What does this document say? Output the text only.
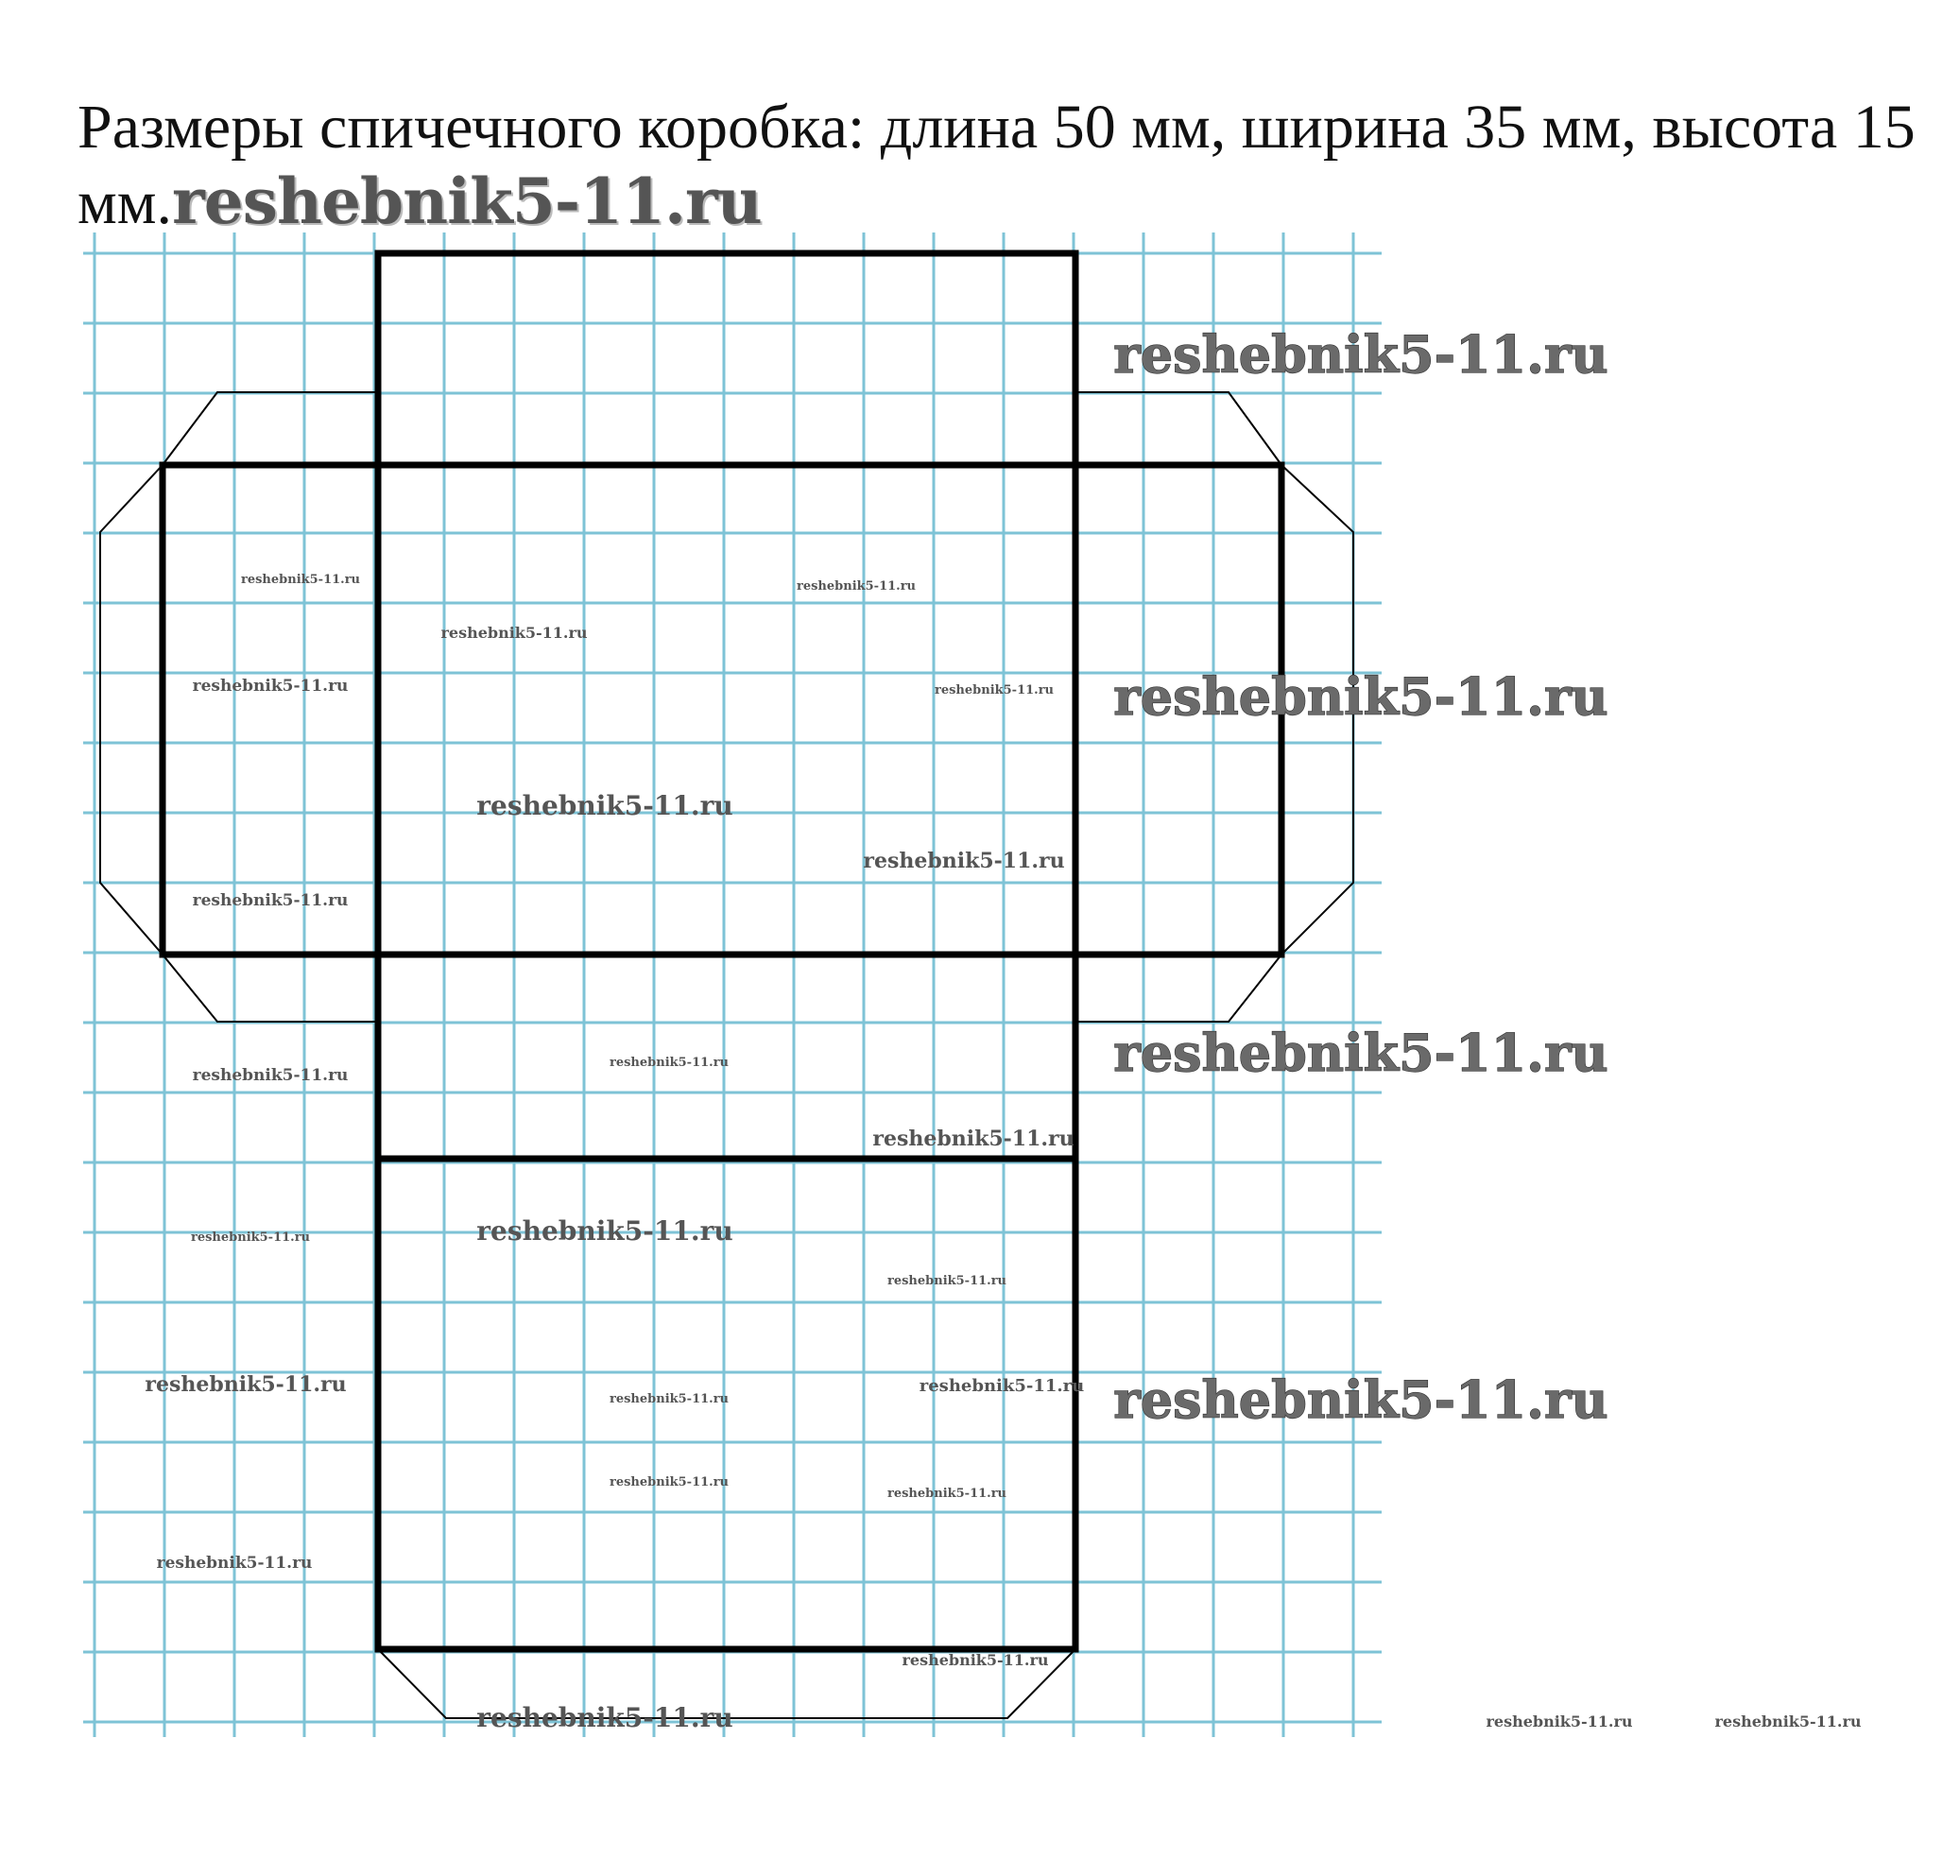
Размеры спичечного коробка: длина 50 мм, ширина 35 мм, высота 15 мм.reshebnik5-11.ru
reshebnik5-11.ru
reshebnik5-11.ru
reshebnik5-11.ru
reshebnik5-11.ru
reshebnik5-11.ru
reshebnik5-11.ru
reshebnik5-11.ru
reshebnik5-11.ru
reshebnik5-11.ru
reshebnik5-11.ru
reshebnik5-11.ru
reshebnik5-11.ru
reshebnik5-11.ru
reshebnik5-11.ru
reshebnik5-11.ru
reshebnik5-11.ru
reshebnik5-11.ru	reshebnik5-11.ru
reshebnik5-11.ru
reshebnik5-11.ru
reshebnik5-11.ru
reshebnik5-11.ru
reshebnik5-11.ru
reshebnik5-11.ru
reshebnik5-11.ru
reshebnik5-11.ru
reshebnik5-11.ru	reshebnik5-11.ru
